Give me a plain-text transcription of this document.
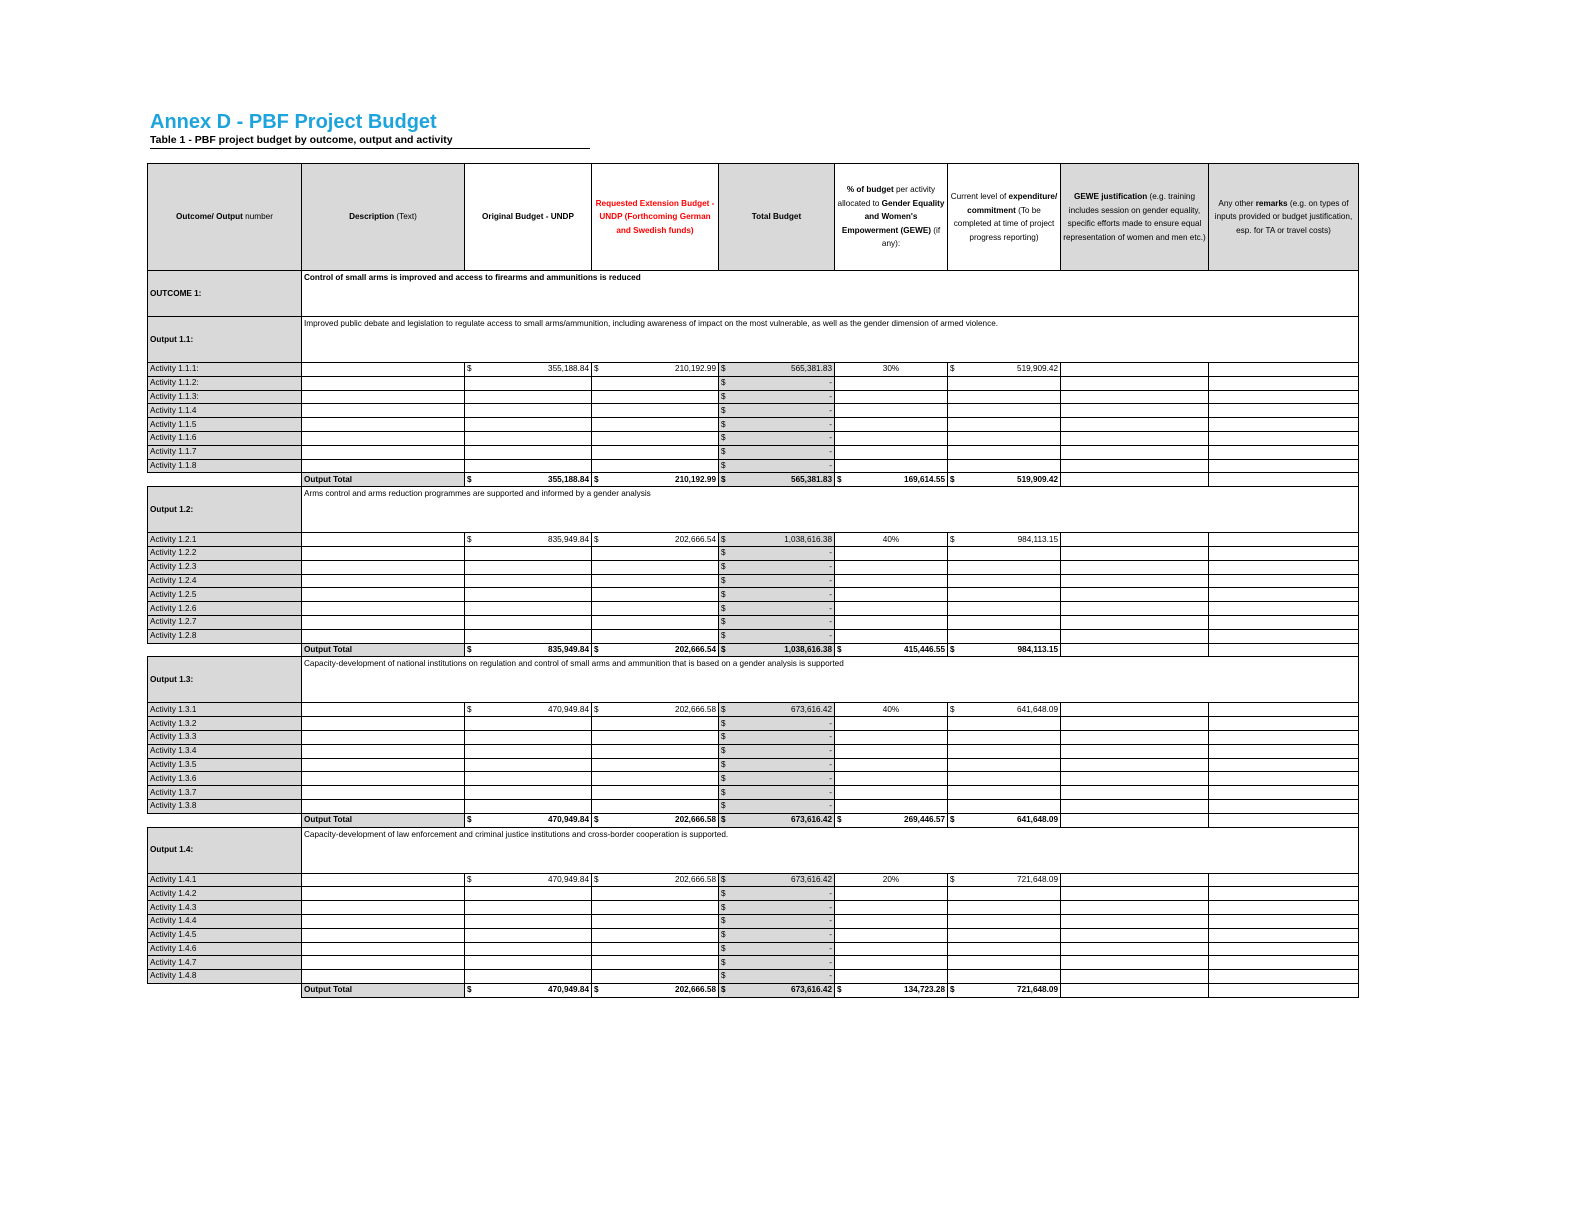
Annex D - PBF Project Budget
Table 1 - PBF project budget by outcome, output and activity
Outcome/ Output number	Description (Text)	Original Budget - UNDP	Requested Extension Budget - UNDP (Forthcoming German and Swedish funds)	Total Budget	% of budget per activity allocated to Gender Equality and Women's Empowerment (GEWE) (if any):	Current level of expenditure/ commitment (To be completed at time of project progress reporting)	GEWE justification (e.g. training includes session on gender equality, specific efforts made to ensure equal representation of women and men etc.)	Any other remarks (e.g. on types of inputs provided or budget justification, esp. for TA or travel costs)
OUTCOME 1:	Control of small arms is improved and access to firearms and ammunitions is reduced							
Output 1.1:	Improved public debate and legislation to regulate access to small arms/ammunition, including awareness of impact on the most vulnerable, as well as the gender dimension of armed violence.							
Activity 1.1.1:		$ 355,188.84	$ 210,192.99	$ 565,381.83	30%	$ 519,909.42		

Activity 1.1.2:				$ -				

Activity 1.1.3:				$ -				

Activity 1.1.4				$ -				

Activity 1.1.5				$ -				

Activity 1.1.6				$ -				

Activity 1.1.7				$ -				

Activity 1.1.8				$ -				

	Output Total	$ 355,188.84	$ 210,192.99	$ 565,381.83	$ 169,614.55	$ 519,909.42		

Output 1.2:	Arms control and arms reduction programmes are supported and informed by a gender analysis							
Activity 1.2.1		$ 835,949.84	$ 202,666.54	$ 1,038,616.38	40%	$ 984,113.15		

Activity 1.2.2				$ -				

Activity 1.2.3				$ -				

Activity 1.2.4				$ -				

Activity 1.2.5				$ -				

Activity 1.2.6				$ -				

Activity 1.2.7				$ -				

Activity 1.2.8				$ -				

	Output Total	$ 835,949.84	$ 202,666.54	$ 1,038,616.38	$ 415,446.55	$ 984,113.15		

Output 1.3:	Capacity-development of national institutions on regulation and control of small arms and ammunition that is based on a gender analysis is supported							
Activity 1.3.1		$ 470,949.84	$ 202,666.58	$ 673,616.42	40%	$ 641,648.09		

Activity 1.3.2				$ -				

Activity 1.3.3				$ -				

Activity 1.3.4				$ -				

Activity 1.3.5				$ -				

Activity 1.3.6				$ -				

Activity 1.3.7				$ -				

Activity 1.3.8				$ -				

	Output Total	$ 470,949.84	$ 202,666.58	$ 673,616.42	$ 269,446.57	$ 641,648.09		

Output 1.4:	Capacity-development of law enforcement and criminal justice institutions and cross-border cooperation is supported.							
Activity 1.4.1		$ 470,949.84	$ 202,666.58	$ 673,616.42	20%	$ 721,648.09		

Activity 1.4.2				$ -				

Activity 1.4.3				$ -				

Activity 1.4.4				$ -				

Activity 1.4.5				$ -				

Activity 1.4.6				$ -				

Activity 1.4.7				$ -				

Activity 1.4.8				$ -				

	Output Total	$ 470,949.84	$ 202,666.58	$ 673,616.42	$ 134,723.28	$ 721,648.09		
